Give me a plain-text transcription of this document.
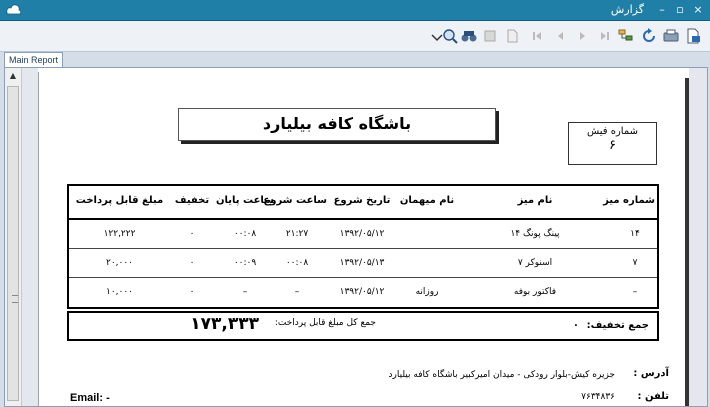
گزارش – ▫ ×
Main Report
▲
باشگاه کافه بیلیارد	شماره فیش
۶
شماره میز
نام میز
نام میهمان
تاریخ شروع
ساعت شروع
ساعت پایان
تخفیف
مبلغ قابل پرداخت
۱۴
پینگ پونگ ۱۴
۱۳۹۲/۰۵/۱۲
۲۱:۲۷
۰۰:۰۸
۰
۱۲۲,۲۲۲
۷
اسنوکر ۷
۱۳۹۲/۰۵/۱۳
۰۰:۰۸
۰۰:۰۹
۰
۲۰,۰۰۰
–
فاکتور بوفه
روزانه
۱۳۹۲/۰۵/۱۲
–
–
۰
۱۰,۰۰۰
جمع تخفیف:
۰
جمع کل مبلغ قابل پرداخت:
۱۷۳,۳۳۳
آدرس :
جزیره کیش-بلوار رودکی - میدان امیرکبیر باشگاه کافه بیلیارد
تلفن :
۷۶۳۴۸۳۶
Email: -
